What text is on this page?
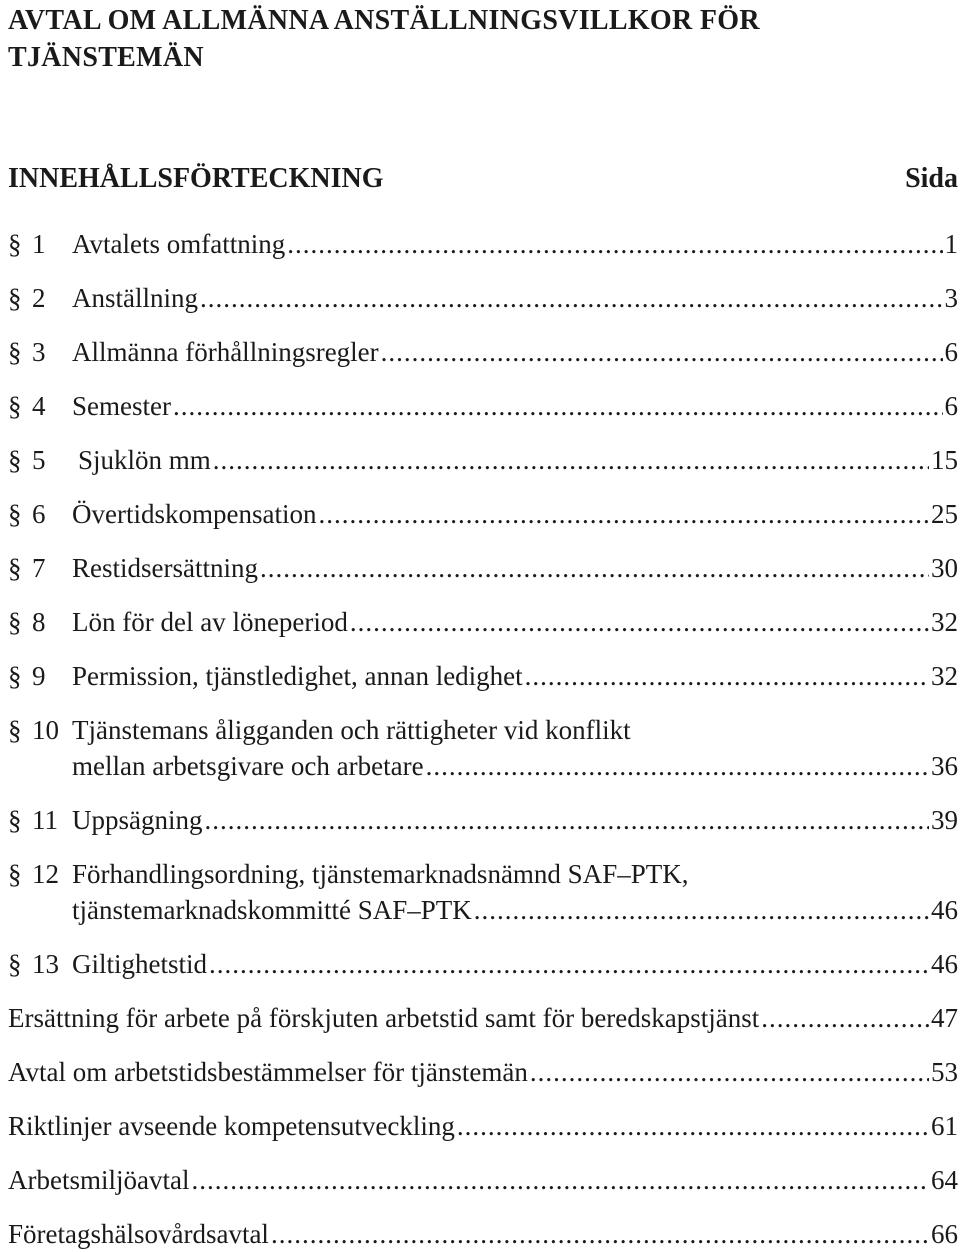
AVTAL OM ALLMÄNNA ANSTÄLLNINGSVILLKOR FÖR TJÄNSTEMÄN
INNEHÅLLSFÖRTECKNING	Sida
§ 1 Avtalets omfattning .....	1
§ 2 Anställning .....	3
§ 3 Allmänna förhållningsregler .....	6
§ 4 Semester .....	6
§ 5	Sjuklön mm .....	15
§ 6 Övertidskompensation .....	25
§ 7 Restidsersättning .....	30
§ 8 Lön för del av löneperiod .....	32
§ 9 Permission, tjänstledighet, annan ledighet .....	32
§ 10 Tjänstemans åligganden och rättigheter vid konflikt
mellan arbetsgivare och arbetare .....	36
§ 11 Uppsägning .....	39
§ 12 Förhandlingsordning, tjänstemarknadsnämnd SAF–PTK,
tjänstemarknadskommitté SAF–PTK .....	46
§ 13 Giltighetstid .....	46
Ersättning för arbete på förskjuten arbetstid samt för beredskapstjänst .....	47
Avtal om arbetstidsbestämmelser för tjänstemän .....	53
Riktlinjer avseende kompetensutveckling .....	61
Arbetsmiljöavtal .....	64
Företagshälsovårdsavtal .....	66
